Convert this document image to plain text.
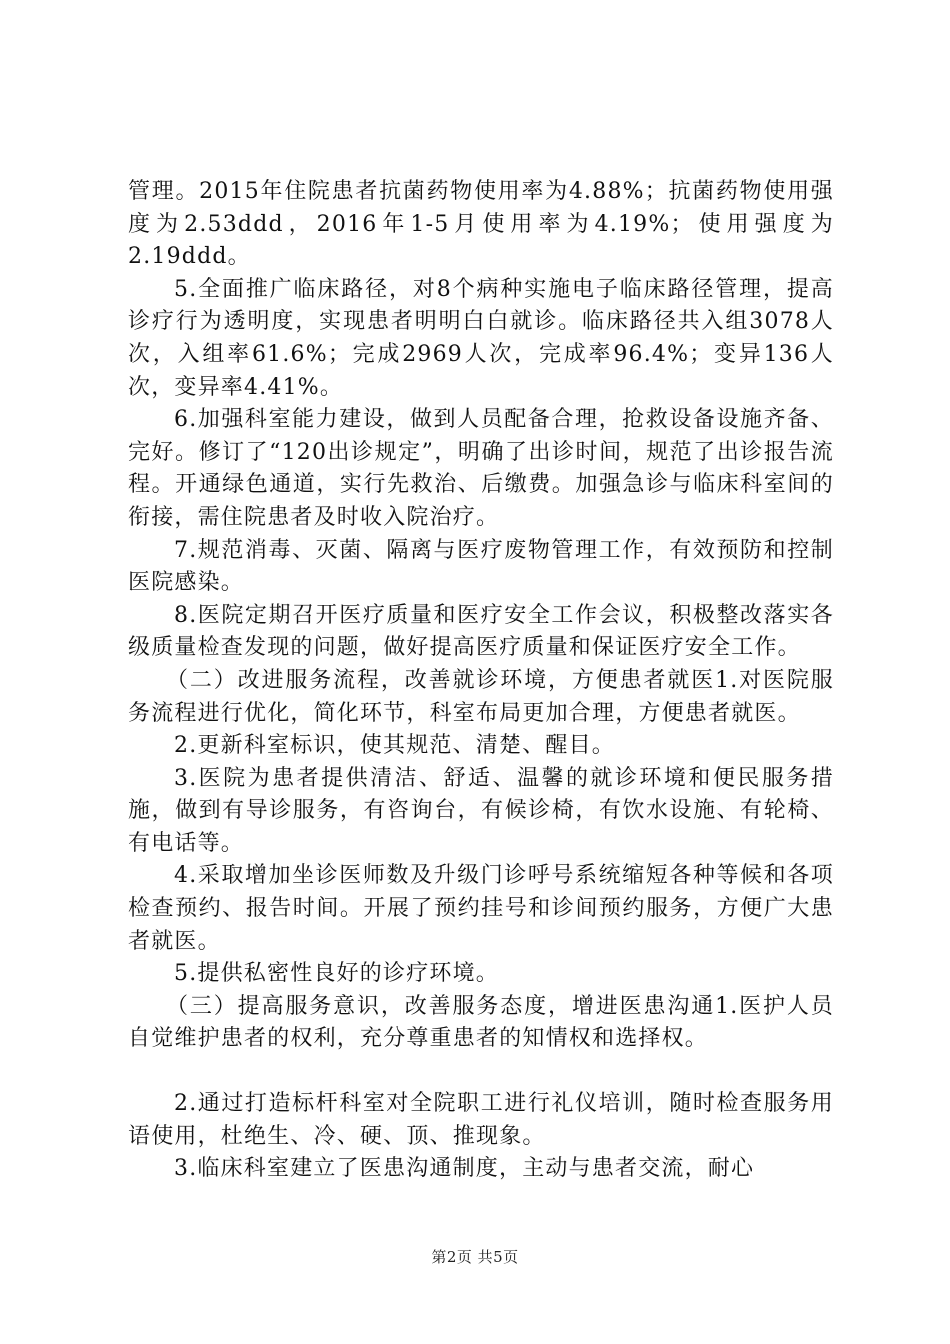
管理。2015年住院患者抗菌药物使用率为4.88%；抗菌药物使用强度为2.53ddd，2016年1-5月使用率为4.19%；使用强度为2.19ddd。

5.全面推广临床路径，对8个病种实施电子临床路径管理，提高诊疗行为透明度，实现患者明明白白就诊。临床路径共入组3078人次，入组率61.6%；完成2969人次，完成率96.4%；变异136人次，变异率4.41%。

6.加强科室能力建设，做到人员配备合理，抢救设备设施齐备、完好。修订了“120出诊规定”，明确了出诊时间，规范了出诊报告流程。开通绿色通道，实行先救治、后缴费。加强急诊与临床科室间的衔接，需住院患者及时收入院治疗。

7.规范消毒、灭菌、隔离与医疗废物管理工作，有效预防和控制医院感染。

8.医院定期召开医疗质量和医疗安全工作会议，积极整改落实各级质量检查发现的问题，做好提高医疗质量和保证医疗安全工作。

（二）改进服务流程，改善就诊环境，方便患者就医1.对医院服务流程进行优化，简化环节，科室布局更加合理，方便患者就医。

2.更新科室标识，使其规范、清楚、醒目。

3.医院为患者提供清洁、舒适、温馨的就诊环境和便民服务措施，做到有导诊服务，有咨询台，有候诊椅，有饮水设施、有轮椅、有电话等。

4.采取增加坐诊医师数及升级门诊呼号系统缩短各种等候和各项检查预约、报告时间。开展了预约挂号和诊间预约服务，方便广大患者就医。

5.提供私密性良好的诊疗环境。

（三）提高服务意识，改善服务态度，增进医患沟通1.医护人员自觉维护患者的权利，充分尊重患者的知情权和选择权。

2.通过打造标杆科室对全院职工进行礼仪培训，随时检查服务用语使用，杜绝生、冷、硬、顶、推现象。

3.临床科室建立了医患沟通制度，主动与患者交流，耐心

第2页 共5页
